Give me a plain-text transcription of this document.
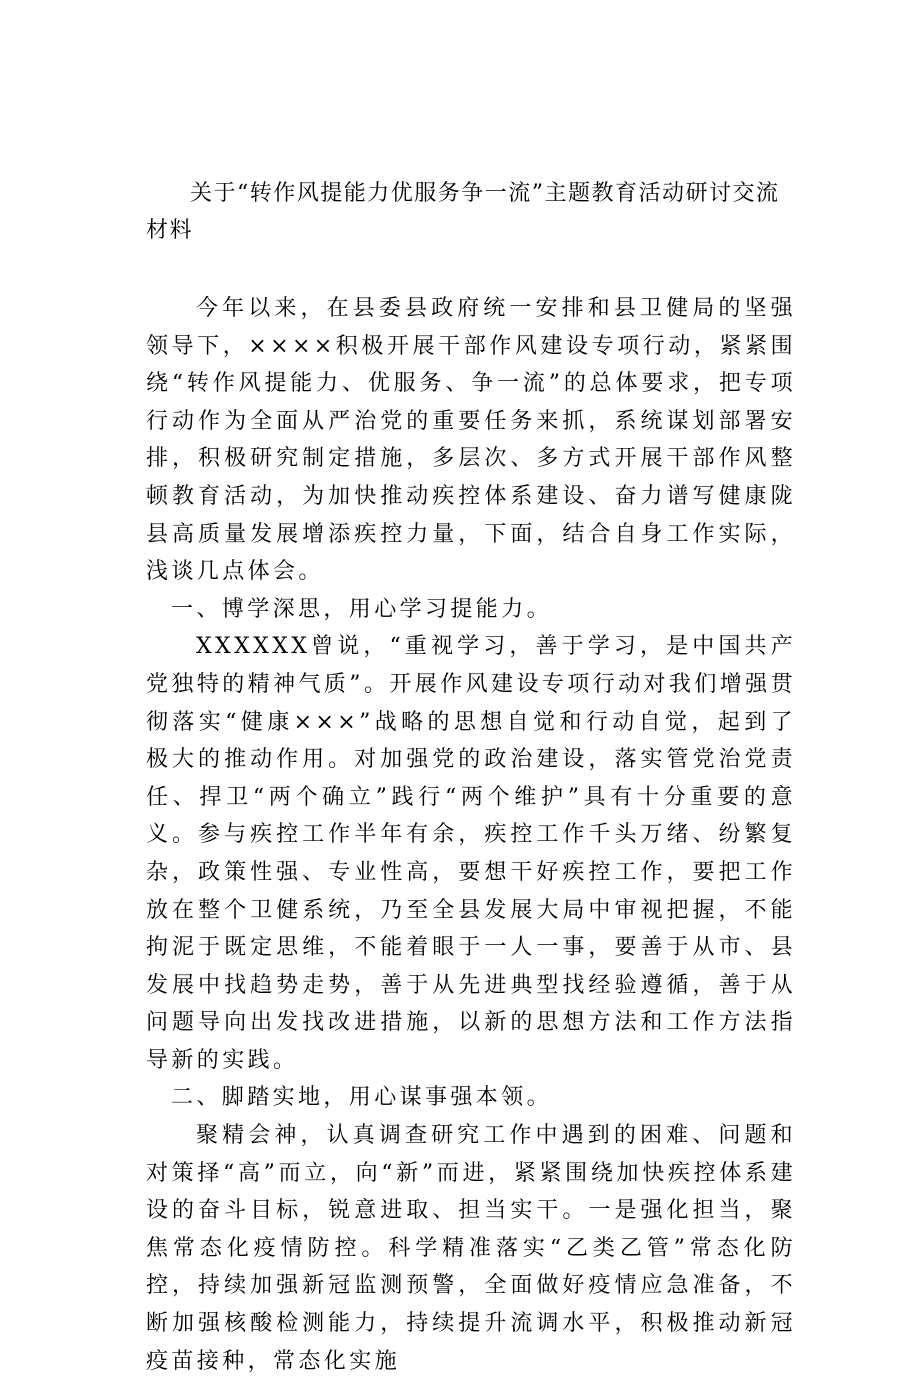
关于“转作风提能力优服务争一流”主题教育活动研讨交流材料

今年以来，在县委县政府统一安排和县卫健局的坚强领导下，××××积极开展干部作风建设专项行动，紧紧围绕“转作风提能力、优服务、争一流”的总体要求，把专项行动作为全面从严治党的重要任务来抓，系统谋划部署安排，积极研究制定措施，多层次、多方式开展干部作风整顿教育活动，为加快推动疾控体系建设、奋力谱写健康陇县高质量发展增添疾控力量，下面，结合自身工作实际，浅谈几点体会。

一、博学深思，用心学习提能力。

XXXXXX曾说，“重视学习，善于学习，是中国共产党独特的精神气质”。开展作风建设专项行动对我们增强贯彻落实“健康×××”战略的思想自觉和行动自觉，起到了极大的推动作用。对加强党的政治建设，落实管党治党责任、捍卫“两个确立”践行“两个维护”具有十分重要的意义。参与疾控工作半年有余，疾控工作千头万绪、纷繁复杂，政策性强、专业性高，要想干好疾控工作，要把工作放在整个卫健系统，乃至全县发展大局中审视把握，不能拘泥于既定思维，不能着眼于一人一事，要善于从市、县发展中找趋势走势，善于从先进典型找经验遵循，善于从问题导向出发找改进措施，以新的思想方法和工作方法指导新的实践。

二、脚踏实地，用心谋事强本领。

聚精会神，认真调查研究工作中遇到的困难、问题和对策择“高”而立，向“新”而进，紧紧围绕加快疾控体系建设的奋斗目标，锐意进取、担当实干。一是强化担当，聚焦常态化疫情防控。科学精准落实“乙类乙管”常态化防控，持续加强新冠监测预警，全面做好疫情应急准备，不断加强核酸检测能力，持续提升流调水平，积极推动新冠疫苗接种，常态化实施
